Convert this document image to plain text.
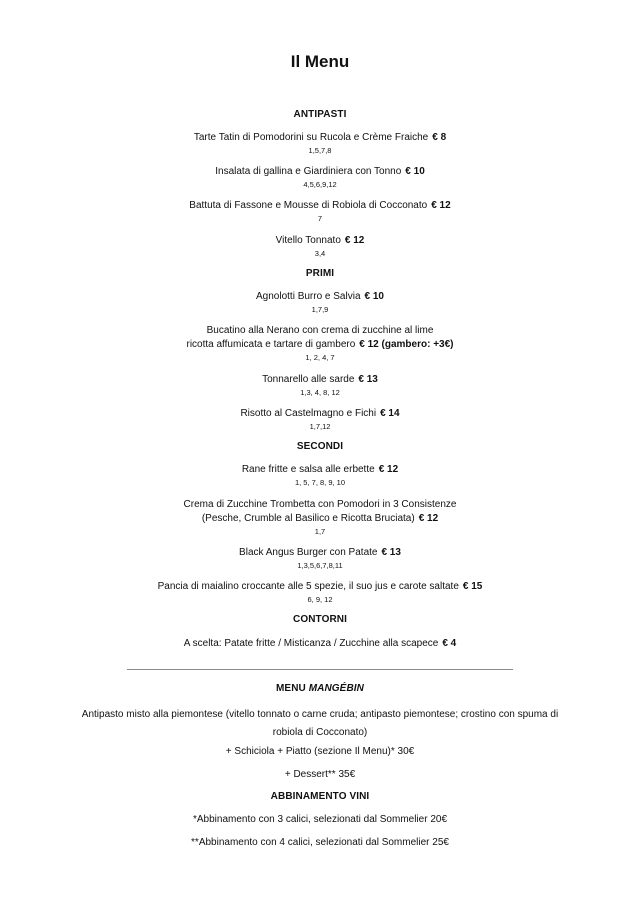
Il Menu
ANTIPASTI
Tarte Tatin di Pomodorini su Rucola e Crème Fraiche € 8
1,5,7,8
Insalata di gallina e Giardiniera con Tonno € 10
4,5,6,9,12
Battuta di Fassone e Mousse di Robiola di Cocconato € 12
7
Vitello Tonnato € 12
3,4
PRIMI
Agnolotti Burro e Salvia € 10
1,7,9
Bucatino alla Nerano con crema di zucchine al lime
ricotta affumicata e tartare di gambero € 12 (gambero: +3€)
1, 2, 4, 7
Tonnarello alle sarde € 13
1,3, 4, 8, 12
Risotto al Castelmagno e Fichi € 14
1,7,12
SECONDI
Rane fritte e salsa alle erbette € 12
1, 5, 7, 8, 9, 10
Crema di Zucchine Trombetta con Pomodori in 3 Consistenze
(Pesche, Crumble al Basilico e Ricotta Bruciata) € 12
1,7
Black Angus Burger con Patate € 13
1,3,5,6,7,8,11
Pancia di maialino croccante alle 5 spezie, il suo jus e carote saltate € 15
6, 9, 12
CONTORNI
A scelta: Patate fritte / Misticanza / Zucchine alla scapece € 4
MENU MANGÉBIN
Antipasto misto alla piemontese (vitello tonnato o carne cruda; antipasto piemontese; crostino con spuma di
robiola di Cocconato)
+ Schiciola + Piatto (sezione Il Menu)* 30€
+ Dessert** 35€
ABBINAMENTO VINI
*Abbinamento con 3 calici, selezionati dal Sommelier 20€
**Abbinamento con 4 calici, selezionati dal Sommelier 25€
